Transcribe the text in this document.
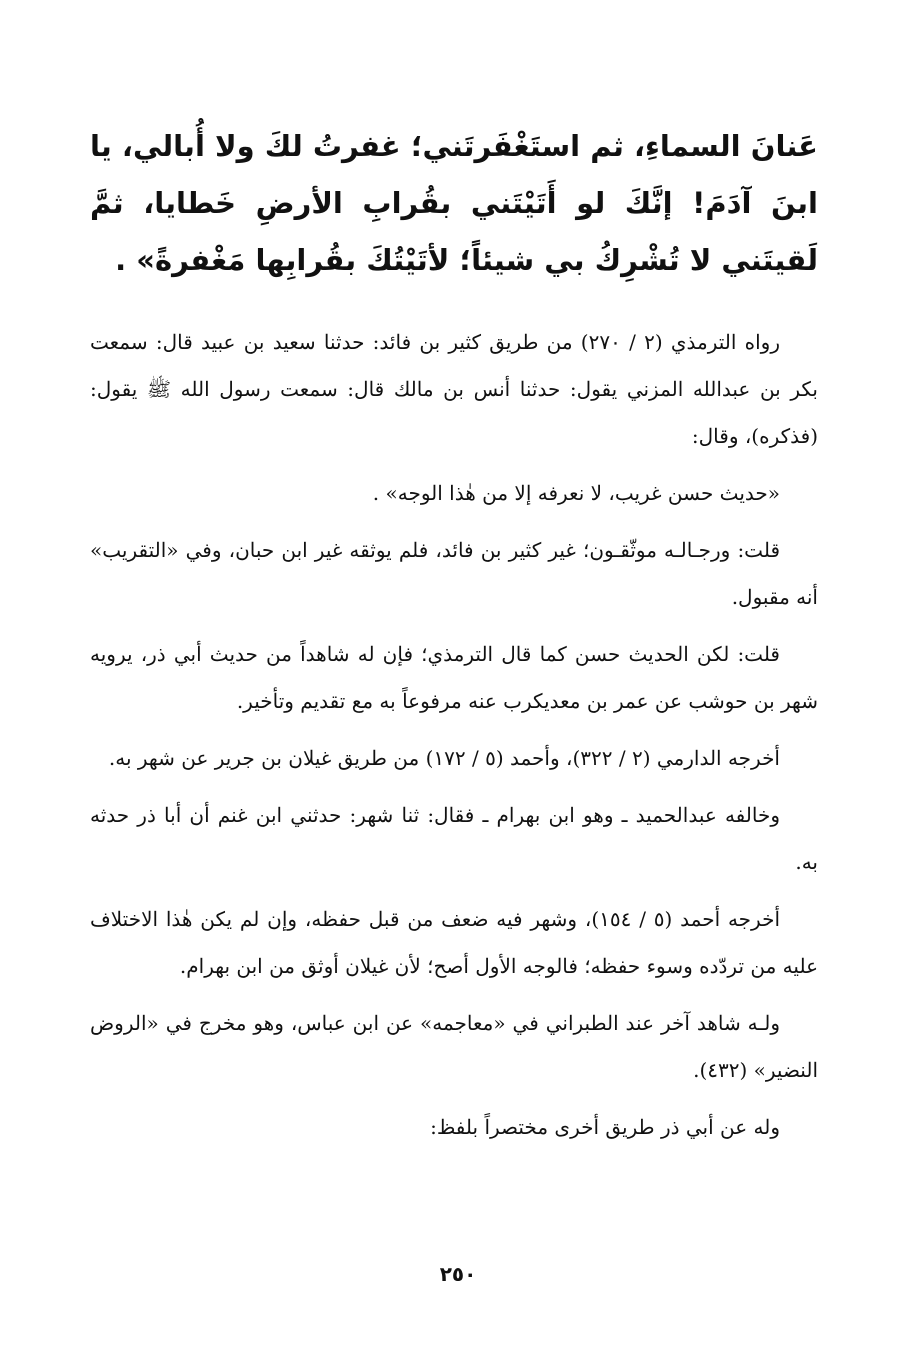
عَنانَ السماءِ، ثم استَغْفَرتَني؛ غفرتُ لكَ ولا أُبالي، يا ابنَ آدَمَ! إنَّكَ لو أَتَيْتَني بقُرابِ الأرضِ خَطايا، ثمَّ لَقيتَني لا تُشْرِكُ بي شيئاً؛ لأتَيْتُكَ بقُرابِها مَغْفرةً» .

رواه الترمذي (٢ / ٢٧٠) من طريق كثير بن فائد: حدثنا سعيد بن عبيد قال: سمعت بكر بن عبدالله المزني يقول: حدثنا أنس بن مالك قال: سمعت رسول الله ﷺ يقول: (فذكره)، وقال:

«حديث حسن غريب، لا نعرفه إلا من هٰذا الوجه» .

قلت: ورجـالـه موثّقـون؛ غير كثير بن فائد، فلم يوثقه غير ابن حبان، وفي «التقريب» أنه مقبول.

قلت: لكن الحديث حسن كما قال الترمذي؛ فإن له شاهداً من حديث أبي ذر، يرويه شهر بن حوشب عن عمر بن معديكرب عنه مرفوعاً به مع تقديم وتأخير.

أخرجه الدارمي (٢ / ٣٢٢)، وأحمد (٥ / ١٧٢) من طريق غيلان بن جرير عن شهر به.

وخالفه عبدالحميد ـ وهو ابن بهرام ـ فقال: ثنا شهر: حدثني ابن غنم أن أبا ذر حدثه به.

أخرجه أحمد (٥ / ١٥٤)، وشهر فيه ضعف من قبل حفظه، وإن لم يكن هٰذا الاختلاف عليه من تردّده وسوء حفظه؛ فالوجه الأول أصح؛ لأن غيلان أوثق من ابن بهرام.

ولـه شاهد آخر عند الطبراني في «معاجمه» عن ابن عباس، وهو مخرج في «الروض النضير» (٤٣٢).

وله عن أبي ذر طريق أخرى مختصراً بلفظ:

٢٥٠
